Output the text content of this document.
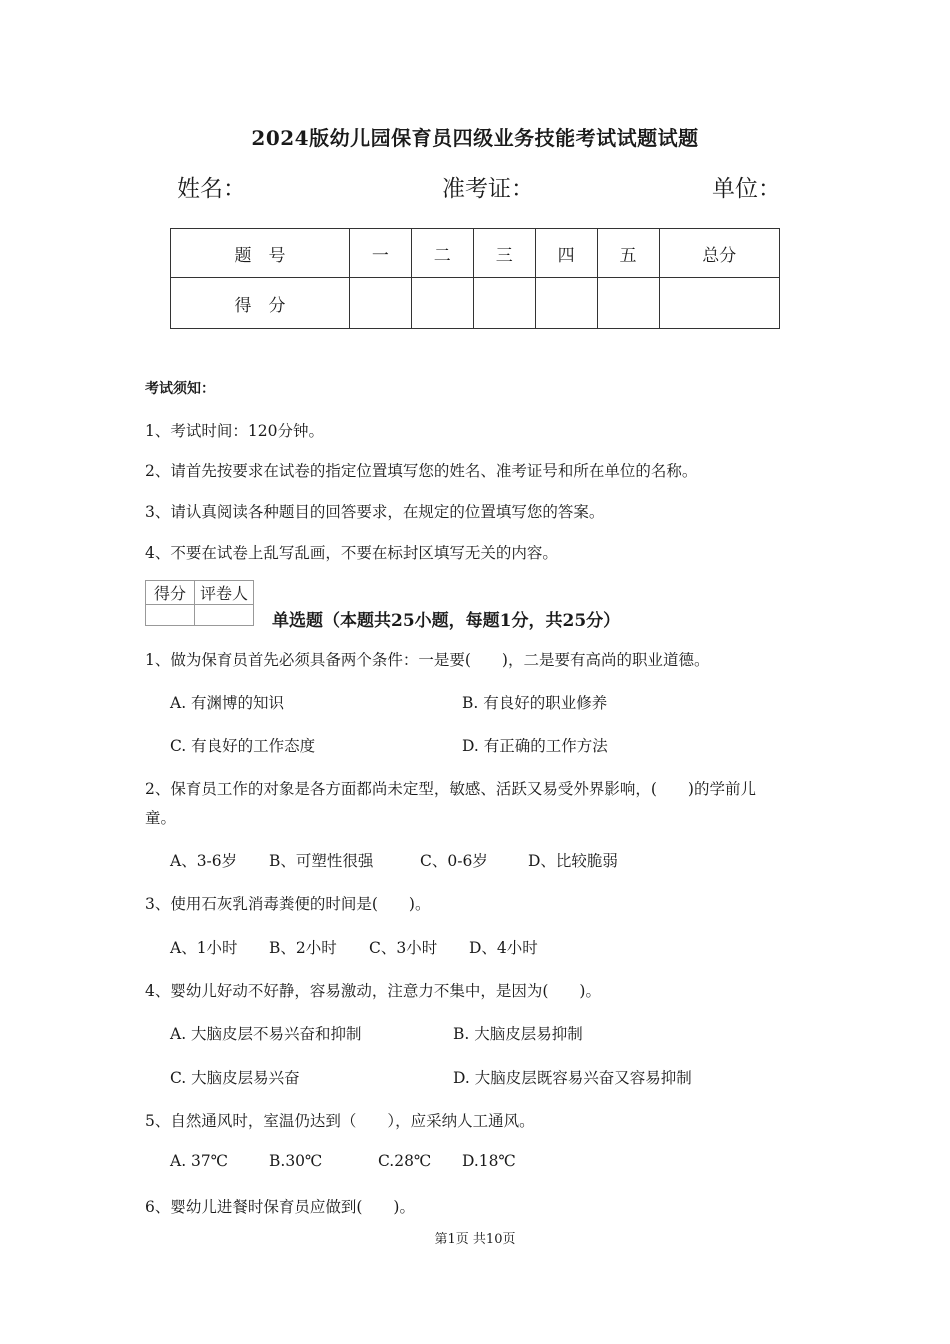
2024版幼儿园保育员四级业务技能考试试题试题
姓名：	准考证：	单位：
题　号	一	二	三	四	五	总分
得　分						
考试须知：
1、考试时间：120分钟。
2、请首先按要求在试卷的指定位置填写您的姓名、准考证号和所在单位的名称。
3、请认真阅读各种题目的回答要求，在规定的位置填写您的答案。
4、不要在试卷上乱写乱画，不要在标封区填写无关的内容。
得分	评卷人

单选题（本题共25小题，每题1分，共25分）
1、做为保育员首先必须具备两个条件：一是要(　　)，二是要有高尚的职业道德。
A. 有渊博的知识	B. 有良好的职业修养
C. 有良好的工作态度	D. 有正确的工作方法
2、保育员工作的对象是各方面都尚未定型，敏感、活跃又易受外界影响，(　　)的学前儿
童。
A、3-6岁 B、可塑性很强	C、0-6岁	D、比较脆弱
3、使用石灰乳消毒粪便的时间是(　　)。
A、1小时 B、2小时 C、3小时 D、4小时
4、婴幼儿好动不好静，容易激动，注意力不集中，是因为(　　)。
A. 大脑皮层不易兴奋和抑制	B. 大脑皮层易抑制
C. 大脑皮层易兴奋	D. 大脑皮层既容易兴奋又容易抑制
5、自然通风时，室温仍达到（　　），应采纳人工通风。
A. 37℃	B.30℃	C.28℃ D.18℃
6、婴幼儿进餐时保育员应做到(　　)。
第1页 共10页
